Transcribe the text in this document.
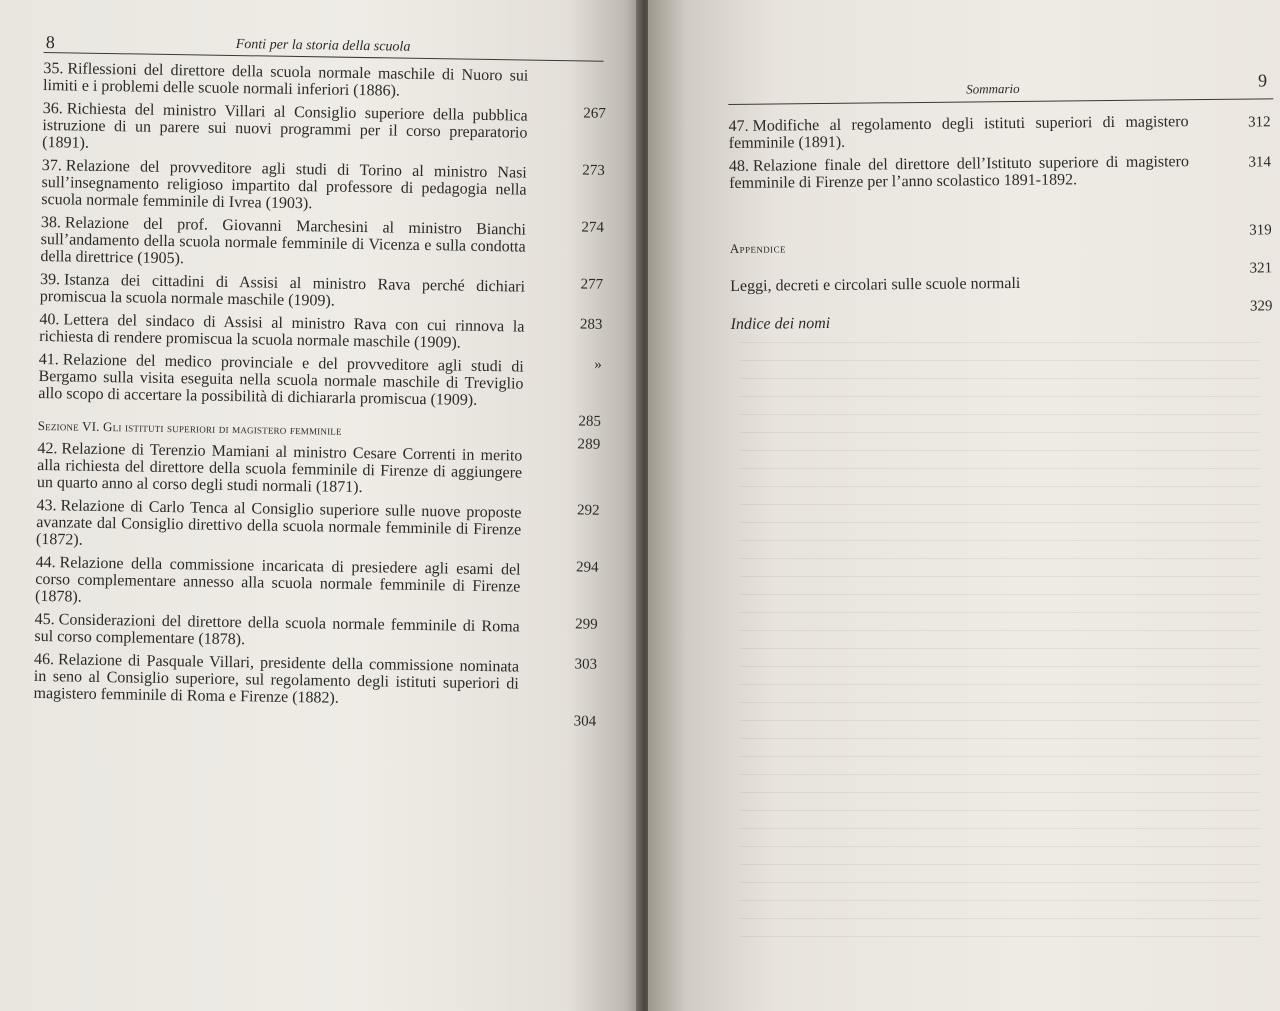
8	Fonti per la storia della scuola
35. Riflessioni del direttore della scuola normale maschile di Nuoro sui limiti e i problemi delle scuole normali inferiori (1886).
267
36. Richiesta del ministro Villari al Consiglio superiore della pubblica istruzione di un parere sui nuovi programmi per il corso preparatorio (1891).
273
37. Relazione del provveditore agli studi di Torino al ministro Nasi sull’insegnamento religioso impartito dal professore di pedagogia nella scuola normale femminile di Ivrea (1903).
274
38. Relazione del prof. Giovanni Marchesini al ministro Bianchi sull’andamento della scuola normale femminile di Vicenza e sulla condotta della direttrice (1905).
277
39. Istanza dei cittadini di Assisi al ministro Rava perché dichiari promiscua la scuola normale maschile (1909).
283
40. Lettera del sindaco di Assisi al ministro Rava con cui rinnova la richiesta di rendere promiscua la scuola normale maschile (1909).
»
41. Relazione del medico provinciale e del provveditore agli studi di Bergamo sulla visita eseguita nella scuola normale maschile di Treviglio allo scopo di accertare la possibilità di dichiararla promiscua (1909).
285
Sezione VI. Gli istituti superiori di magistero femminile
289
42. Relazione di Terenzio Mamiani al ministro Cesare Correnti in merito alla richiesta del direttore della scuola femminile di Firenze di aggiungere un quarto anno al corso degli studi normali (1871).
292
43. Relazione di Carlo Tenca al Consiglio superiore sulle nuove proposte avanzate dal Consiglio direttivo della scuola normale femminile di Firenze (1872).
294
44. Relazione della commissione incaricata di presiedere agli esami del corso complementare annesso alla scuola normale femminile di Firenze (1878).
299
45. Considerazioni del direttore della scuola normale femminile di Roma sul corso complementare (1878).
303
46. Relazione di Pasquale Villari, presidente della commissione nominata in seno al Consiglio superiore, sul regolamento degli istituti superiori di magistero femminile di Roma e Firenze (1882).
304
Sommario	9
47. Modifiche al regolamento degli istituti superiori di magistero femminile (1891).
312
48. Relazione finale del direttore dell’Istituto superiore di magistero femminile di Firenze per l’anno scolastico 1891-1892.
314
Appendice
319
Leggi, decreti e circolari sulle scuole normali
321
Indice dei nomi
329
